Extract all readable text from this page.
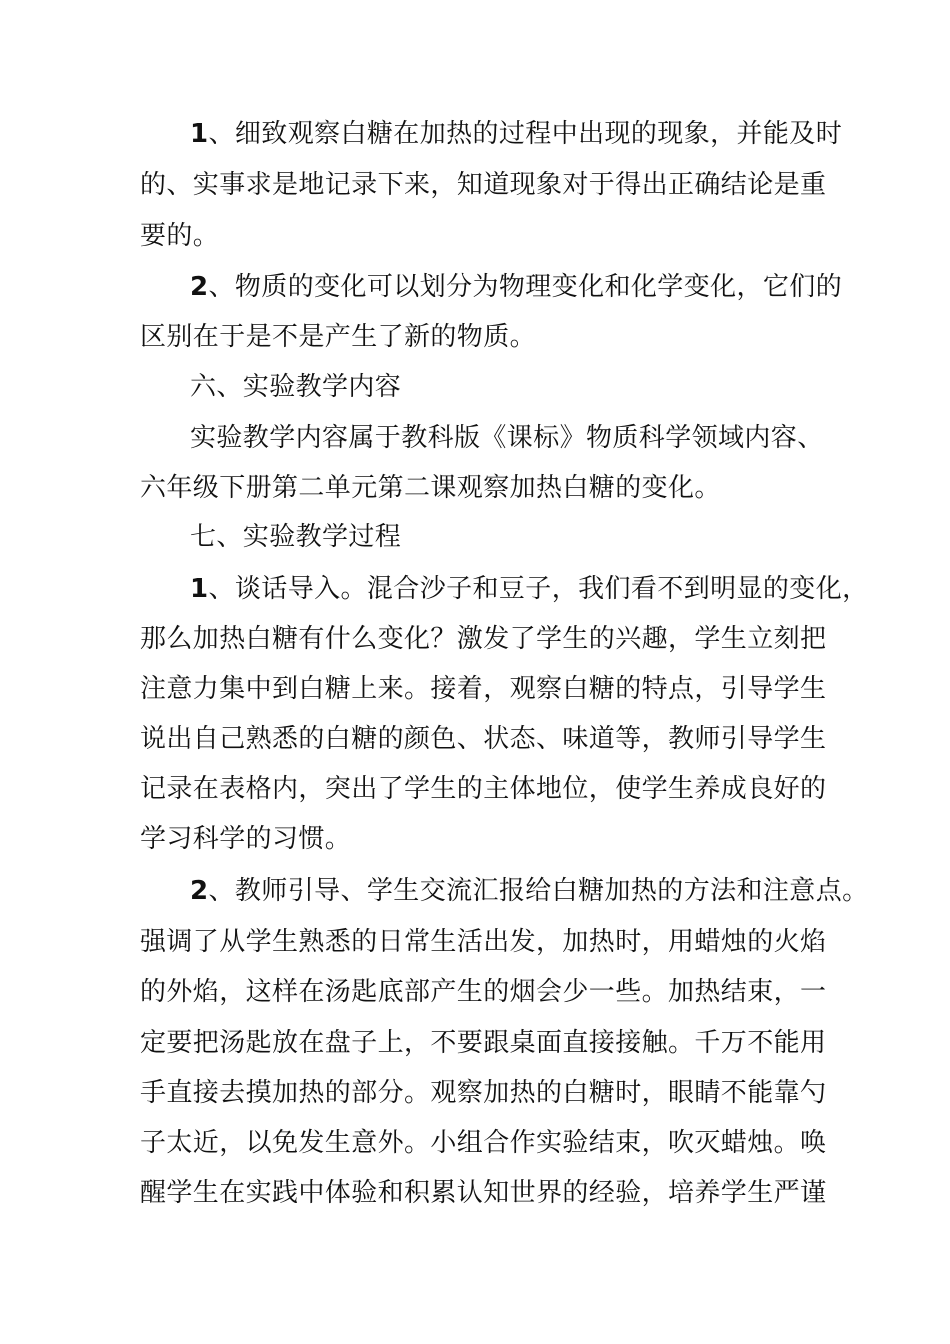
1、细致观察白糖在加热的过程中出现的现象，并能及时
的、实事求是地记录下来，知道现象对于得出正确结论是重
要的。
2、物质的变化可以划分为物理变化和化学变化，它们的
区别在于是不是产生了新的物质。
六、实验教学内容
实验教学内容属于教科版《课标》物质科学领域内容、
六年级下册第二单元第二课观察加热白糖的变化。
七、实验教学过程
1、谈话导入。混合沙子和豆子，我们看不到明显的变化，
那么加热白糖有什么变化？激发了学生的兴趣，学生立刻把
注意力集中到白糖上来。接着，观察白糖的特点，引导学生
说出自己熟悉的白糖的颜色、状态、味道等，教师引导学生
记录在表格内，突出了学生的主体地位，使学生养成良好的
学习科学的习惯。
2、教师引导、学生交流汇报给白糖加热的方法和注意点。
强调了从学生熟悉的日常生活出发，加热时，用蜡烛的火焰
的外焰，这样在汤匙底部产生的烟会少一些。加热结束，一
定要把汤匙放在盘子上，不要跟桌面直接接触。千万不能用
手直接去摸加热的部分。观察加热的白糖时，眼睛不能靠勺
子太近，以免发生意外。小组合作实验结束，吹灭蜡烛。唤
醒学生在实践中体验和积累认知世界的经验，培养学生严谨
